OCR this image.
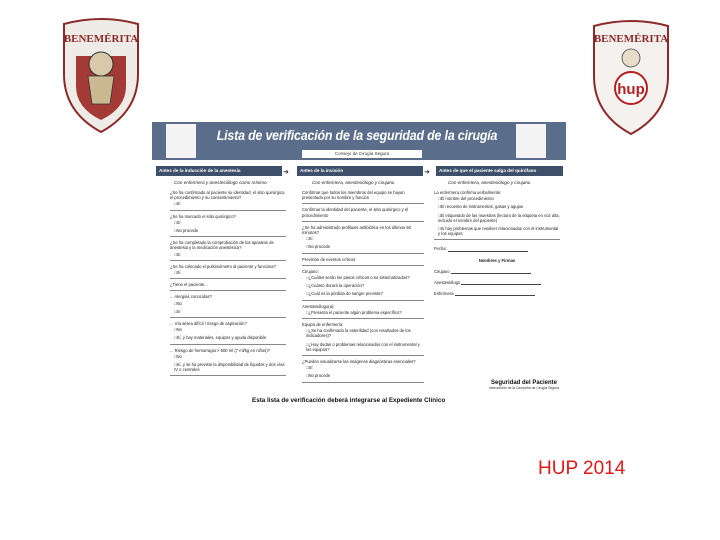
BENEMÉRITA
hup
BENEMÉRITA
Lista de verificación de la seguridad de la cirugía
Consejo de Cirugía Segura
Antes de la inducción de la anestesia	➜	Antes de la incisión	➜	Antes de que el paciente salga del quirófano
Con enfermera y anestesiólogo como mínimo	Con enfermera, anestesiólogo y cirujano	Con enfermera, anestesiólogo y cirujano
¿Se ha confirmado al paciente su identidad, el sitio quirúrgico, el procedimiento y su consentimiento?
□ Sí
¿Se ha marcado el sitio quirúrgico?
□ Sí
□ No procede
¿Se ha completado la comprobación de los aparatos de anestesia y la medicación anestésica?
□ Sí
¿Se ha colocado el pulsioxímetro al paciente y funciona?
□ Sí
¿Tiene el paciente...
... Alergias conocidas?
□ No
□ Sí
... Vía aérea difícil / riesgo de aspiración?
□ No
□ Sí, y hay materiales, equipos y ayuda disponible
... Riesgo de hemorragia > 500 ml (7 ml/kg en niños)?
□ No
□ Sí, y se ha previsto la disponibilidad de líquidos y dos vías IV o centrales
Confirmar que todos los miembros del equipo se hayan presentado por su nombre y función
Confirmar la identidad del paciente, el sitio quirúrgico y el procedimiento
¿Se ha administrado profilaxis antibiótica en los últimos 60 minutos?
□ Sí
□ No procede
Previsión de eventos críticos
Cirujano:
□ ¿Cuáles serán los pasos críticos o no sistematizados?
□ ¿Cuánto durará la operación?
□ ¿Cuál es la pérdida de sangre prevista?
Anestesiólogo(a):
□ ¿Presenta el paciente algún problema específico?
Equipo de enfermería:
□ ¿Se ha confirmado la esterilidad (con resultados de los indicadores)?
□ ¿Hay dudas o problemas relacionados con el instrumental y los equipos?
¿Pueden visualizarse las imágenes diagnósticas esenciales?
□ Sí
□ No procede
La enfermera confirma verbalmente:
□ El nombre del procedimiento
□ El recuento de instrumentos, gasas y agujas
□ El etiquetado de las muestras (lectura de la etiqueta en voz alta, incluido el nombre del paciente)
□ Si hay problemas que resolver relacionados con el instrumental y los equipos
Fecha:
Nombres y Firmas
Cirujano
Anestesiólogo
Enfermera
Seguridad del Paciente
Instrumento de la Campaña de Cirugía Segura
Esta lista de verificación deberá integrarse al Expediente Clínico
HUP 2014
